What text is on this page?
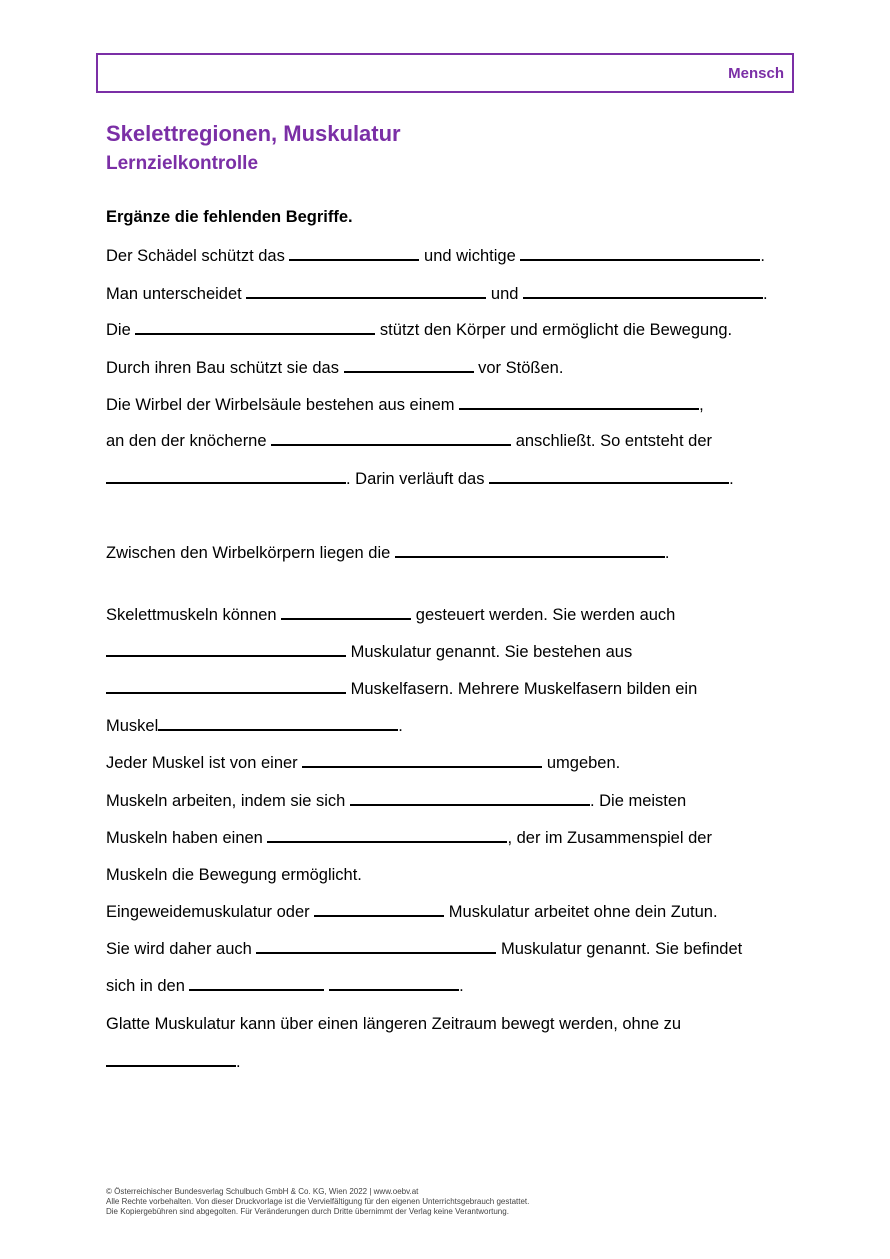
Mensch
Skelettregionen, Muskulatur
Lernzielkontrolle
Ergänze die fehlenden Begriffe.
Der Schädel schützt das	und wichtige	.
Man unterscheidet	und	.
Die	stützt den Körper und ermöglicht die Bewegung.
Durch ihren Bau schützt sie das	vor Stößen.
Die Wirbel der Wirbelsäule bestehen aus einem	,
an den der knöcherne	anschließt. So entsteht der
. Darin verläuft das	.
Zwischen den Wirbelkörpern liegen die	.
Skelettmuskeln können	gesteuert werden. Sie werden auch
Muskulatur genannt. Sie bestehen aus
Muskelfasern. Mehrere Muskelfasern bilden ein
Muskel	.
Jeder Muskel ist von einer	umgeben.
Muskeln arbeiten, indem sie sich	. Die meisten
Muskeln haben einen	, der im Zusammenspiel der
Muskeln die Bewegung ermöglicht.
Eingeweidemuskulatur oder	Muskulatur arbeitet ohne dein Zutun.
Sie wird daher auch	Muskulatur genannt. Sie befindet
sich in den	.
Glatte Muskulatur kann über einen längeren Zeitraum bewegt werden, ohne zu
.
© Österreichischer Bundesverlag Schulbuch GmbH & Co. KG, Wien 2022 | www.oebv.at
Alle Rechte vorbehalten. Von dieser Druckvorlage ist die Vervielfältigung für den eigenen Unterrichtsgebrauch gestattet.
Die Kopiergebühren sind abgegolten. Für Veränderungen durch Dritte übernimmt der Verlag keine Verantwortung.
